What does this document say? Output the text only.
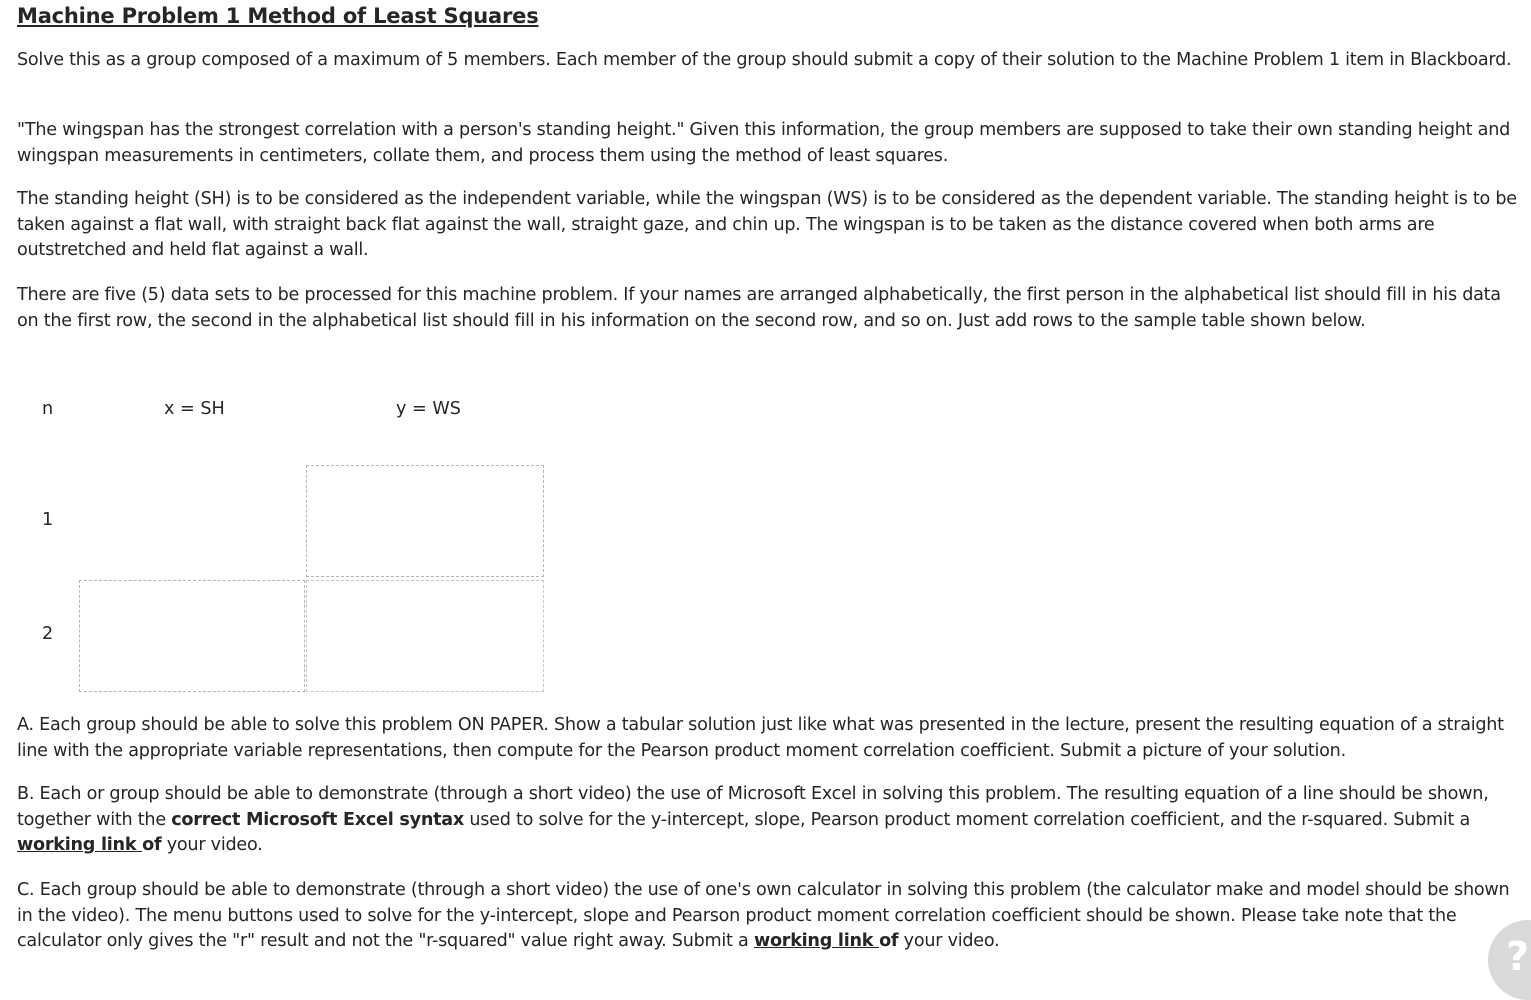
Machine Problem 1 Method of Least Squares

Solve this as a group composed of a maximum of 5 members. Each member of the group should submit a copy of their solution to the Machine Problem 1 item in Blackboard.

"The wingspan has the strongest correlation with a person's standing height." Given this information, the group members are supposed to take their own standing height and wingspan measurements in centimeters, collate them, and process them using the method of least squares.

The standing height (SH) is to be considered as the independent variable, while the wingspan (WS) is to be considered as the dependent variable. The standing height is to be taken against a flat wall, with straight back flat against the wall, straight gaze, and chin up. The wingspan is to be taken as the distance covered when both arms are outstretched and held flat against a wall.

There are five (5) data sets to be processed for this machine problem. If your names are arranged alphabetically, the first person in the alphabetical list should fill in his data on the first row, the second in the alphabetical list should fill in his information on the second row, and so on. Just add rows to the sample table shown below.

A. Each group should be able to solve this problem ON PAPER. Show a tabular solution just like what was presented in the lecture, present the resulting equation of a straight line with the appropriate variable representations, then compute for the Pearson product moment correlation coefficient. Submit a picture of your solution.

B. Each or group should be able to demonstrate (through a short video) the use of Microsoft Excel in solving this problem. The resulting equation of a line should be shown, together with the correct Microsoft Excel syntax used to solve for the y-intercept, slope, Pearson product moment correlation coefficient, and the r-squared. Submit a working link of your video.

C. Each group should be able to demonstrate (through a short video) the use of one's own calculator in solving this problem (the calculator make and model should be shown in the video). The menu buttons used to solve for the y-intercept, slope and Pearson product moment correlation coefficient should be shown. Please take note that the calculator only gives the "r" result and not the "r-squared" value right away. Submit a working link of your video.

n	x = SH	y = WS
1
2
?
